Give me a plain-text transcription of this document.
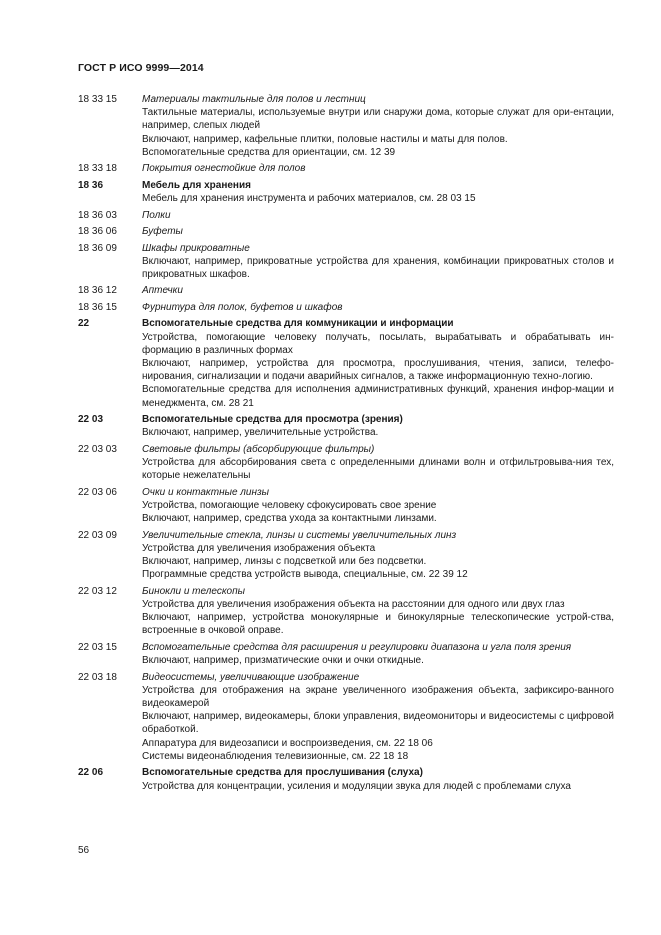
ГОСТ Р ИСО 9999—2014
18 33 15	Материалы тактильные для полов и лестниц
Тактильные материалы, используемые внутри или снаружи дома, которые служат для ори-ентации, например, слепых людей
Включают, например, кафельные плитки, половые настилы и маты для полов.
Вспомогательные средства для ориентации, см. 12 39
18 33 18	Покрытия огнестойкие для полов
18 36	Мебель для хранения
Мебель для хранения инструмента и рабочих материалов, см. 28 03 15
18 36 03	Полки
18 36 06	Буфеты
18 36 09	Шкафы прикроватные
Включают, например, прикроватные устройства для хранения, комбинации прикроватных столов и прикроватных шкафов.
18 36 12	Аптечки
18 36 15	Фурнитура для полок, буфетов и шкафов
22	Вспомогательные средства для коммуникации и информации
Устройства, помогающие человеку получать, посылать, вырабатывать и обрабатывать ин-формацию в различных формах
Включают, например, устройства для просмотра, прослушивания, чтения, записи, телефо-нирования, сигнализации и подачи аварийных сигналов, а также информационную техно-логию.
Вспомогательные средства для исполнения административных функций, хранения инфор-мации и менеджмента, см. 28 21
22 03	Вспомогательные средства для просмотра (зрения)
Включают, например, увеличительные устройства.
22 03 03	Световые фильтры (абсорбирующие фильтры)
Устройства для абсорбирования света с определенными длинами волн и отфильтровыва-ния тех, которые нежелательны
22 03 06	Очки и контактные линзы
Устройства, помогающие человеку сфокусировать свое зрение
Включают, например, средства ухода за контактными линзами.
22 03 09	Увеличительные стекла, линзы и системы увеличительных линз
Устройства для увеличения изображения объекта
Включают, например, линзы с подсветкой или без подсветки.
Программные средства устройств вывода, специальные, см. 22 39 12
22 03 12	Бинокли и телескопы
Устройства для увеличения изображения объекта на расстоянии для одного или двух глаз
Включают, например, устройства монокулярные и бинокулярные телескопические устрой-ства, встроенные в очковой оправе.
22 03 15	Вспомогательные средства для расширения и регулировки диапазона и угла поля зрения
Включают, например, призматические очки и очки откидные.
22 03 18	Видеосистемы, увеличивающие изображение
Устройства для отображения на экране увеличенного изображения объекта, зафиксиро-ванного видеокамерой
Включают, например, видеокамеры, блоки управления, видеомониторы и видеосистемы с цифровой обработкой.
Аппаратура для видеозаписи и воспроизведения, см. 22 18 06
Системы видеонаблюдения телевизионные, см. 22 18 18
22 06	Вспомогательные средства для прослушивания (слуха)
Устройства для концентрации, усиления и модуляции звука для людей с проблемами слуха
56
